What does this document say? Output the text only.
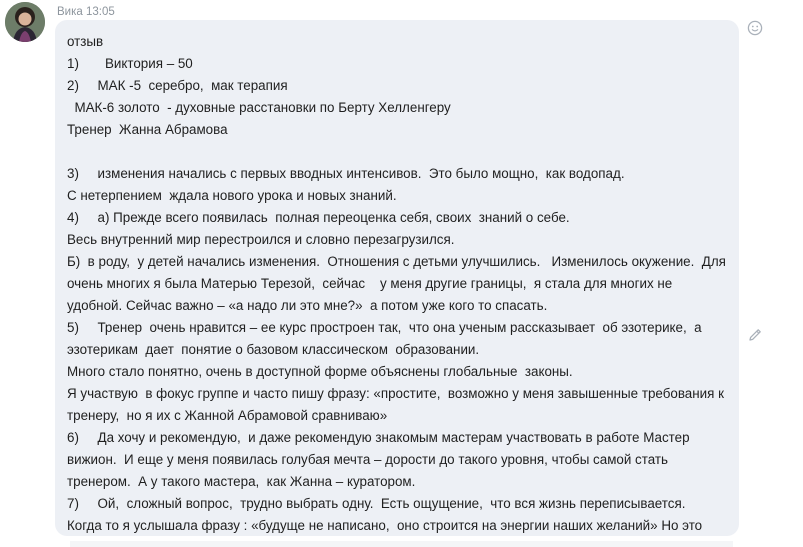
Вика 13:05
отзыв
1)       Виктория – 50
2)     МАК -5  серебро,  мак терапия
МАК-6 золото  - духовные расстановки по Берту Хелленгеру
Тренер  Жанна Абрамова
3)     изменения начались с первых вводных интенсивов.  Это было мощно,  как водопад.
С нетерпением  ждала нового урока и новых знаний.
4)     а) Прежде всего появилась  полная переоценка себя, своих  знаний о себе.
Весь внутренний мир перестроился и словно перезагрузился.
Б)  в роду,  у детей начались изменения.  Отношения с детьми улучшились.   Изменилось окужение.  Для
очень многих я была Матерью Терезой,  сейчас    у меня другие границы,  я стала для многих не
удобной. Сейчас важно – «а надо ли это мне?»  а потом уже кого то спасать.
5)     Тренер  очень нравится – ее курс простроен так,  что она ученым рассказывает  об эзотерике,  а
эзотерикам  дает  понятие о базовом классическом  образовании.
Много стало понятно, очень в доступной форме объяснены глобальные  законы.
Я участвую  в фокус группе и часто пишу фразу: «простите,  возможно у меня завышенные требования к
тренеру,  но я их с Жанной Абрамовой сравниваю»
6)     Да хочу и рекомендую,  и даже рекомендую знакомым мастерам участвовать в работе Мастер
вижион.  И еще у меня появилась голубая мечта – дорости до такого уровня, чтобы самой стать
тренером.  А у такого мастера,  как Жанна – куратором.
7)     Ой,  сложный вопрос,  трудно выбрать одну.  Есть ощущение,  что вся жизнь переписывается.
Когда то я услышала фразу : «будуще не написано,  оно строится на энергии наших желаний» Но это
